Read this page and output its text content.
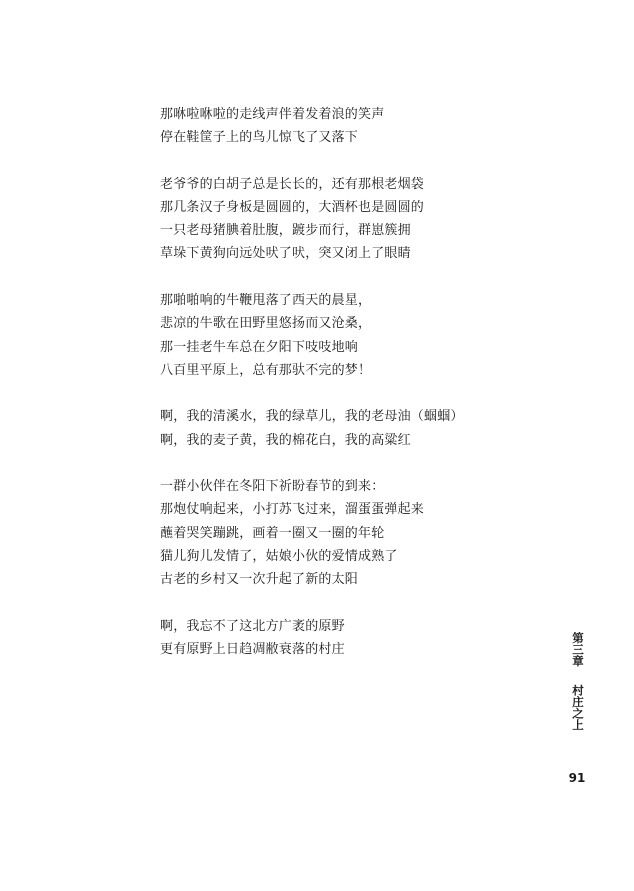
那咻啦咻啦的走线声伴着发着浪的笑声
停在鞋筐子上的鸟儿惊飞了又落下
老爷爷的白胡子总是长长的，还有那根老烟袋
那几条汉子身板是圆圆的，大酒杯也是圆圆的
一只老母猪腆着肚腹，踱步而行，群崽簇拥
草垛下黄狗向远处吠了吠，突又闭上了眼睛
那啪啪响的牛鞭甩落了西天的晨星，
悲凉的牛歌在田野里悠扬而又沧桑，
那一挂老牛车总在夕阳下吱吱地响
八百里平原上，总有那驮不完的梦！
啊，我的清溪水，我的绿草儿，我的老母油（蝈蝈）
啊，我的麦子黄，我的棉花白，我的高粱红
一群小伙伴在冬阳下祈盼春节的到来：
那炮仗响起来，小打苏飞过来，溜蛋蛋弹起来
蘸着哭笑蹦跳，画着一圈又一圈的年轮
猫儿狗儿发情了，姑娘小伙的爱情成熟了
古老的乡村又一次升起了新的太阳
啊，我忘不了这北方广袤的原野
更有原野上日趋凋敝衰落的村庄	第三章村庄之上
91
